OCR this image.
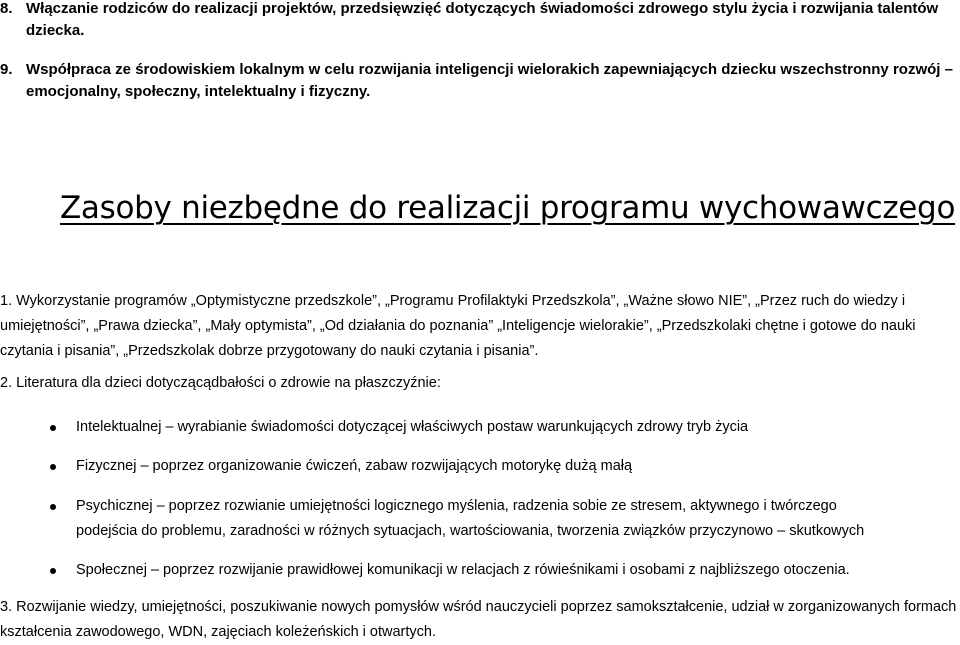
8. Włączanie rodziców do realizacji projektów, przedsięwzięć dotyczących świadomości zdrowego stylu życia i rozwijania talentów dziecka.
9. Współpraca ze środowiskiem lokalnym w celu rozwijania inteligencji wielorakich zapewniających dziecku wszechstronny rozwój – emocjonalny, społeczny, intelektualny i fizyczny.
Zasoby niezbędne do realizacji programu wychowawczego
1. Wykorzystanie programów „Optymistyczne przedszkole”, „Programu Profilaktyki Przedszkola”, „Ważne słowo NIE”, „Przez ruch do wiedzy i umiejętności”, „Prawa dziecka”, „Mały optymista”, „Od działania do poznania” „Inteligencje wielorakie”, „Przedszkolaki chętne i gotowe do nauki czytania i pisania”, „Przedszkolak dobrze przygotowany do nauki czytania i pisania”.
2. Literatura dla dzieci dotyczącądbałości o zdrowie na płaszczyźnie:
Intelektualnej – wyrabianie świadomości dotyczącej właściwych postaw warunkujących zdrowy tryb życia
Fizycznej – poprzez organizowanie ćwiczeń, zabaw rozwijających motorykę dużą małą
Psychicznej – poprzez rozwianie umiejętności logicznego myślenia, radzenia sobie ze stresem, aktywnego i twórczego
podejścia do problemu, zaradności w różnych sytuacjach, wartościowania, tworzenia związków przyczynowo – skutkowych
Społecznej – poprzez rozwijanie prawidłowej komunikacji w relacjach z rówieśnikami i osobami z najbliższego otoczenia.
3. Rozwijanie wiedzy, umiejętności, poszukiwanie nowych pomysłów wśród nauczycieli poprzez samokształcenie, udział w zorganizowanych formach kształcenia zawodowego, WDN, zajęciach koleżeńskich i otwartych.
